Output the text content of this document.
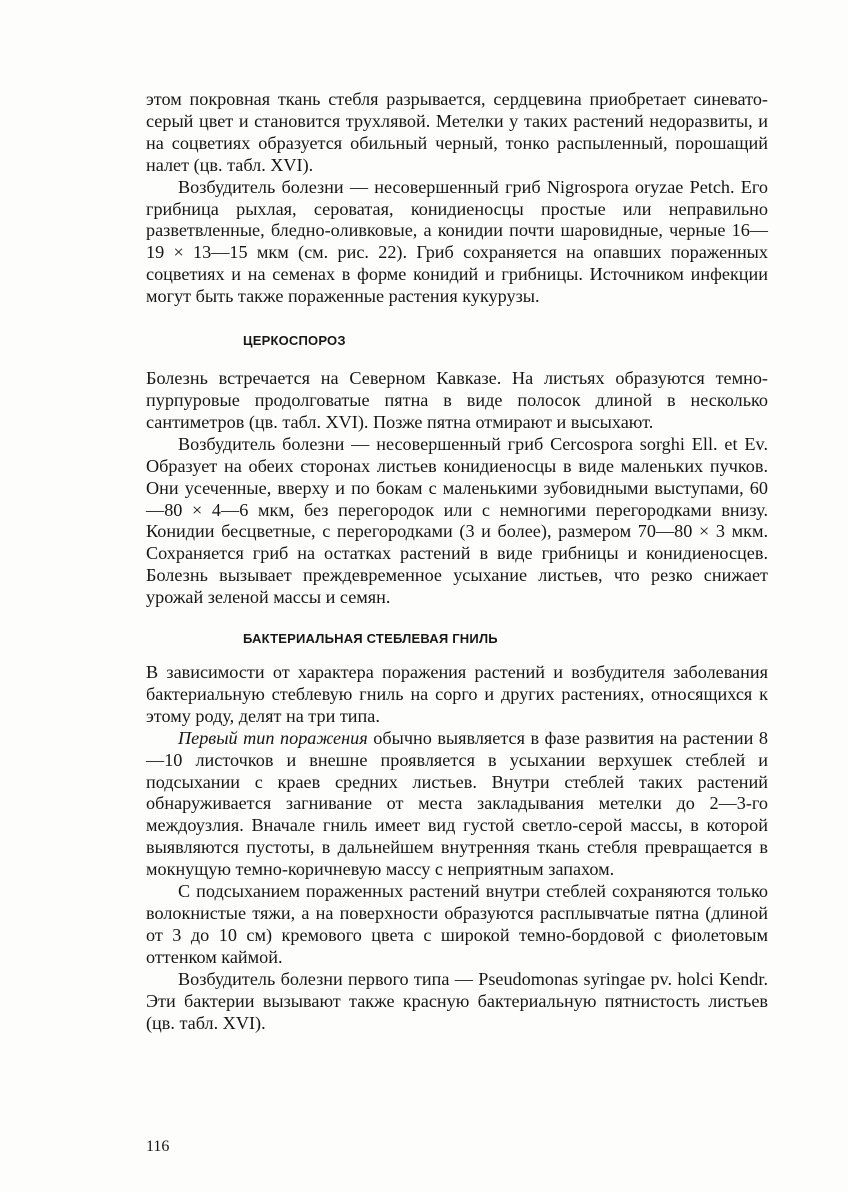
этом покровная ткань стебля разрывается, сердцевина приобретает синевато-серый цвет и становится трухлявой. Метелки у таких растений недоразвиты, и на соцветиях образуется обильный черный, тонко распыленный, порошащий налет (цв. табл. XVI).

Возбудитель болезни — несовершенный гриб Nigrospora oryzae Petch. Его грибница рыхлая, сероватая, конидиеносцы простые или неправильно разветвленные, бледно-оливковые, а конидии почти шаровидные, черные 16—19 × 13—15 мкм (см. рис. 22). Гриб сохраняется на опавших пораженных соцветиях и на семенах в форме конидий и грибницы. Источником инфекции могут быть также пораженные растения кукурузы.

ЦЕРКОСПОРОЗ

Болезнь встречается на Северном Кавказе. На листьях образуются темно-пурпуровые продолговатые пятна в виде полосок длиной в несколько сантиметров (цв. табл. XVI). Позже пятна отмирают и высыхают.

Возбудитель болезни — несовершенный гриб Cercospora sorghi Ell. et Ev. Образует на обеих сторонах листьев конидиеносцы в виде маленьких пучков. Они усеченные, вверху и по бокам с маленькими зубовидными выступами, 60—80 × 4—6 мкм, без перегородок или с немногими перегородками внизу. Конидии бесцветные, с перегородками (3 и более), размером 70—80 × 3 мкм. Сохраняется гриб на остатках растений в виде грибницы и конидиеносцев. Болезнь вызывает преждевременное усыхание листьев, что резко снижает урожай зеленой массы и семян.

БАКТЕРИАЛЬНАЯ СТЕБЛЕВАЯ ГНИЛЬ

В зависимости от характера поражения растений и возбудителя заболевания бактериальную стеблевую гниль на сорго и других растениях, относящихся к этому роду, делят на три типа.

Первый тип поражения обычно выявляется в фазе развития на растении 8—10 листочков и внешне проявляется в усыхании верхушек стеблей и подсыхании с краев средних листьев. Внутри стеблей таких растений обнаруживается загнивание от места закладывания метелки до 2—3-го междоузлия. Вначале гниль имеет вид густой светло-серой массы, в которой выявляются пустоты, в дальнейшем внутренняя ткань стебля превращается в мокнущую темно-коричневую массу с неприятным запахом.

С подсыханием пораженных растений внутри стеблей сохраняются только волокнистые тяжи, а на поверхности образуются расплывчатые пятна (длиной от 3 до 10 см) кремового цвета с широкой темно-бордовой с фиолетовым оттенком каймой.

Возбудитель болезни первого типа — Pseudomonas syringae pv. holci Kendr. Эти бактерии вызывают также красную бактериальную пятнистость листьев (цв. табл. XVI).

116
